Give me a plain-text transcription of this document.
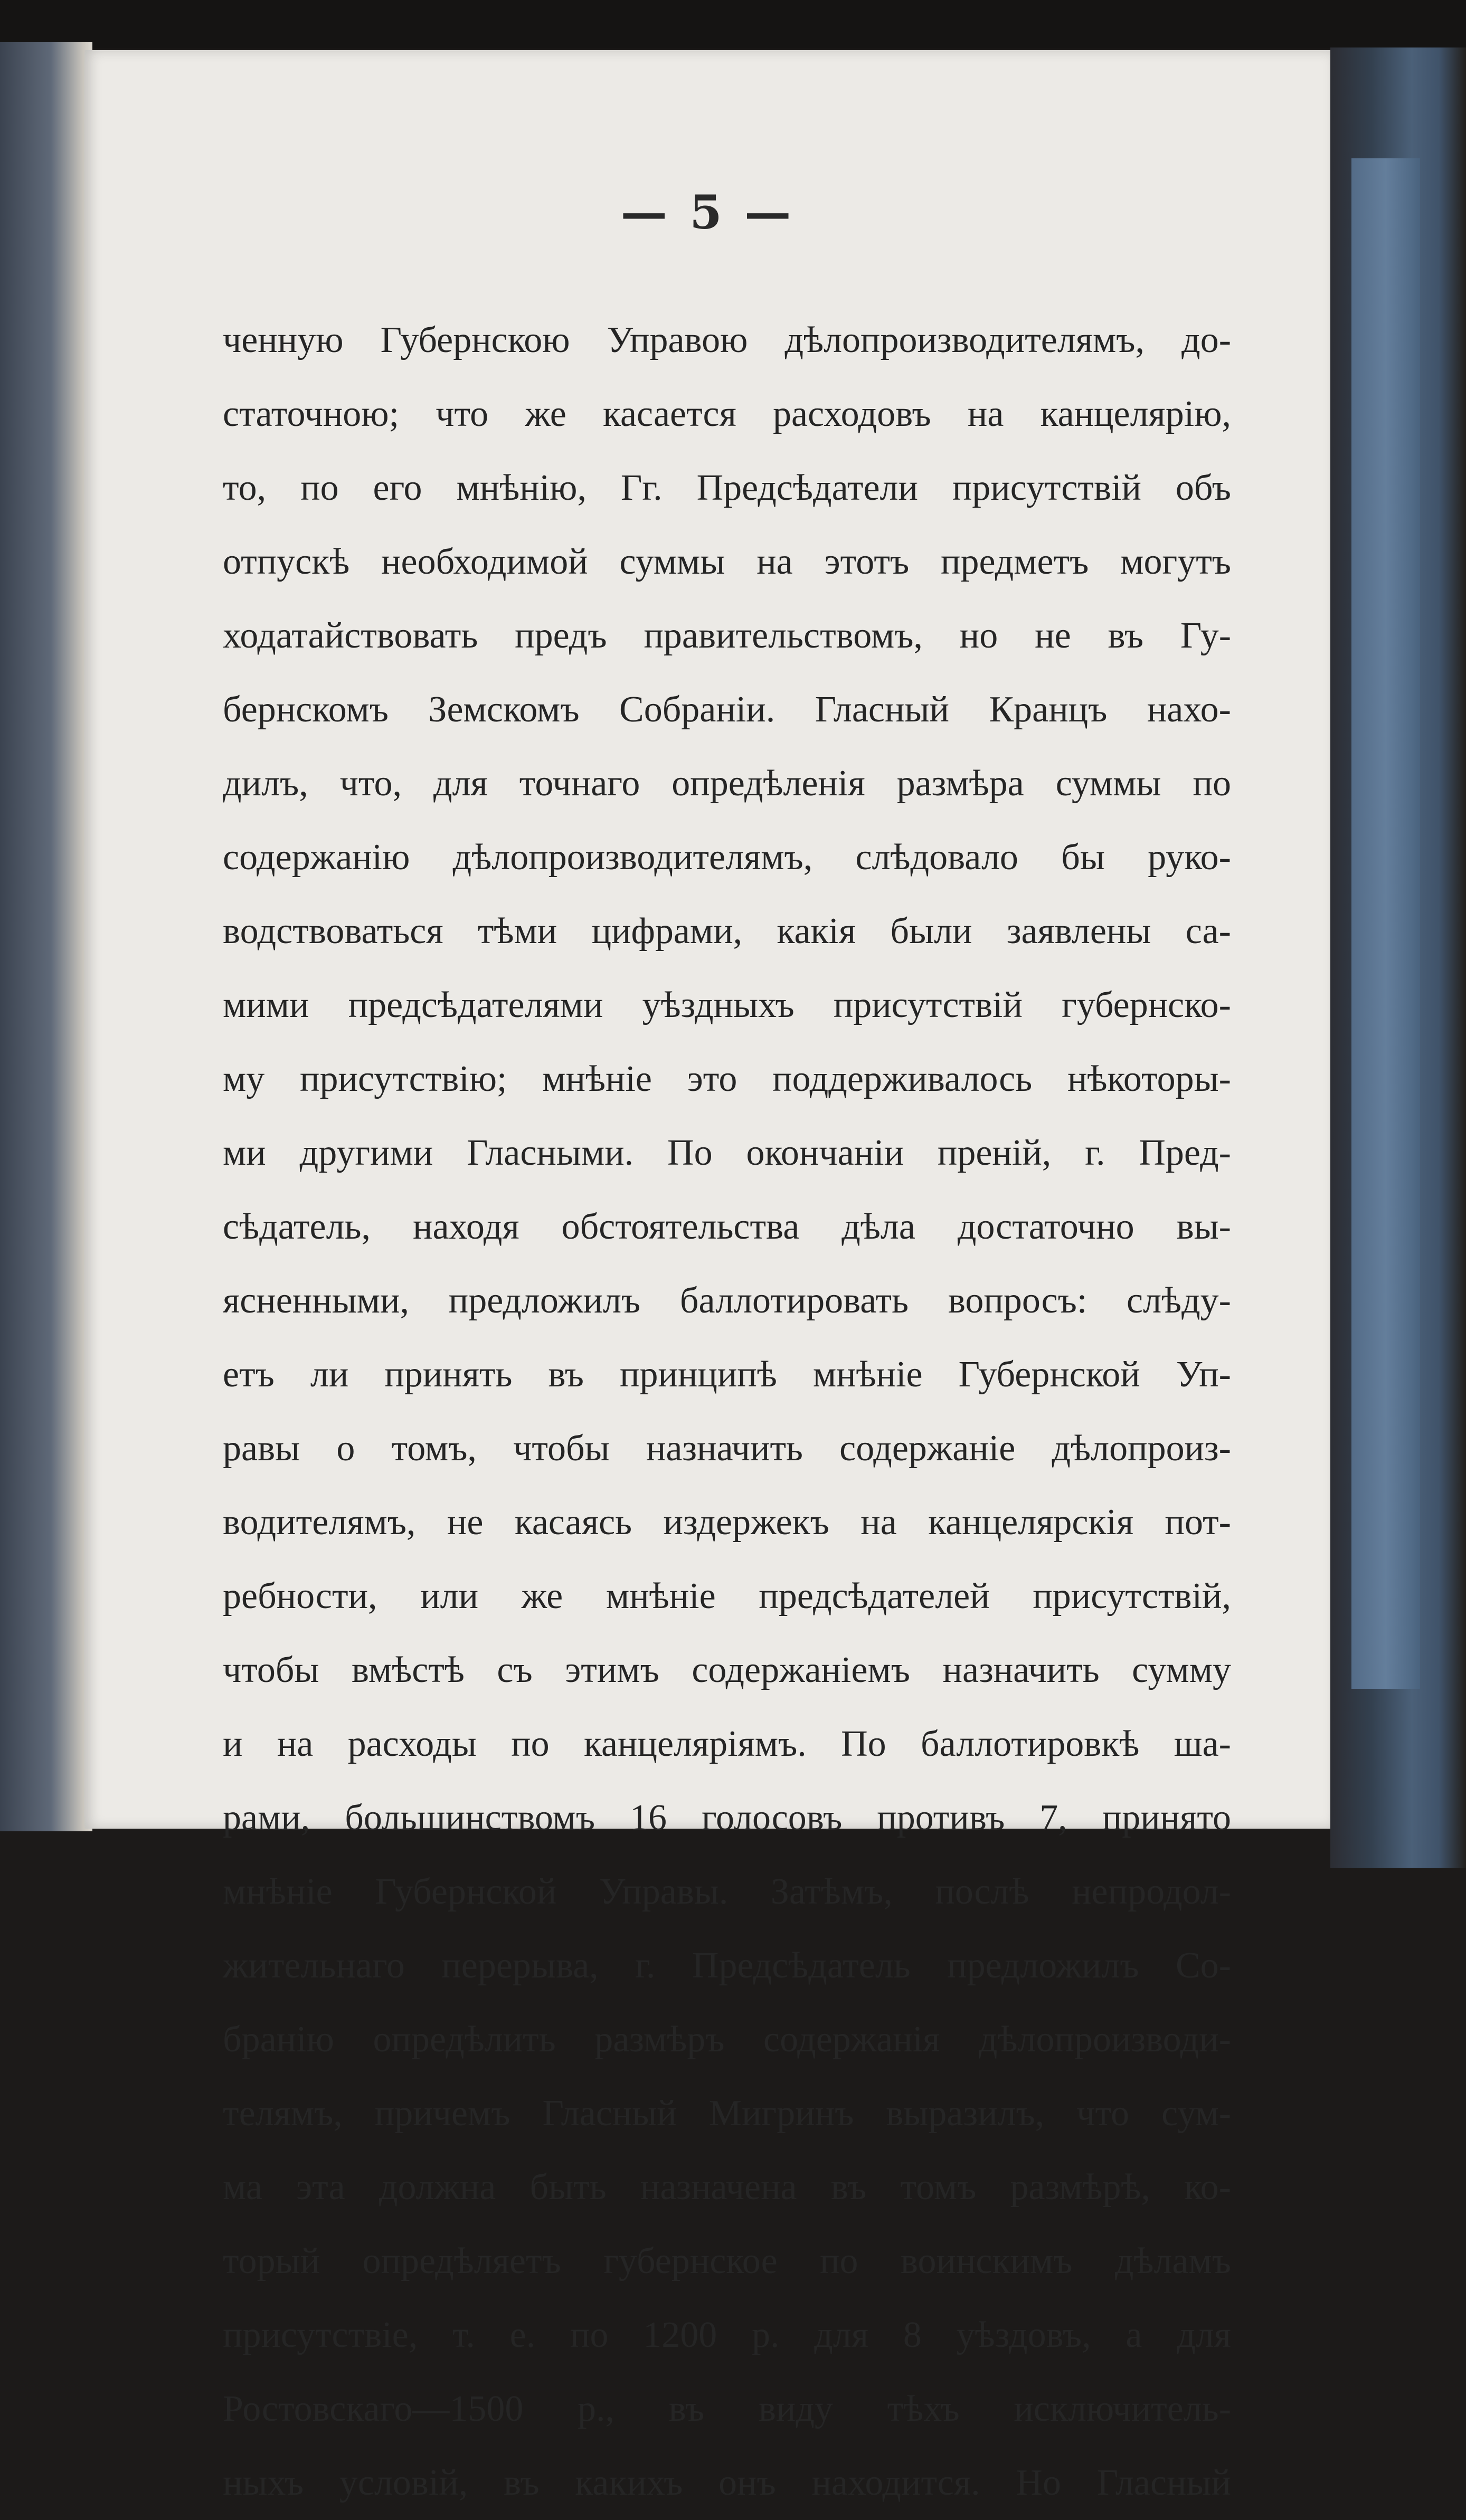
— 5 —
ченную Губернскою Управою дѣлопроизводителямъ, до-
статочною; что же касается расходовъ на канцелярію,
то, по его мнѣнію, Гг. Предсѣдатели присутствій объ
отпускѣ необходимой суммы на этотъ предметъ могутъ
ходатайствовать предъ правительствомъ, но не въ Гу-
бернскомъ Земскомъ Собраніи. Гласный Кранцъ нахо-
дилъ, что, для точнаго опредѣленія размѣра суммы по
содержанію дѣлопроизводителямъ, слѣдовало бы руко-
водствоваться тѣми цифрами, какія были заявлены са-
мими предсѣдателями уѣздныхъ присутствій губернско-
му присутствію; мнѣніе это поддерживалось нѣкоторы-
ми другими Гласными. По окончаніи преній, г. Пред-
сѣдатель, находя обстоятельства дѣла достаточно вы-
ясненными, предложилъ баллотировать вопросъ: слѣду-
етъ ли принять въ принципѣ мнѣніе Губернской Уп-
равы о томъ, чтобы назначить содержаніе дѣлопроиз-
водителямъ, не касаясь издержекъ на канцелярскія пот-
ребности, или же мнѣніе предсѣдателей присутствій,
чтобы вмѣстѣ съ этимъ содержаніемъ назначить сумму
и на расходы по канцеляріямъ. По баллотировкѣ ша-
рами, большинствомъ 16 голосовъ противъ 7, принято
мнѣніе Губернской Управы. Затѣмъ, послѣ непродол-
жительнаго перерыва, г. Предсѣдатель предложилъ Со-
бранію опредѣлить размѣръ содержанія дѣлопроизводи-
телямъ, причемъ Гласный Мигринъ выразилъ, что сум-
ма эта должна быть назначена въ томъ размѣрѣ, ко-
торый опредѣляетъ губернское по воинскимъ дѣламъ
присутствіе, т. е. по 1200 р. для 8 уѣздовъ, а для
Ростовскаго—1500 р., въ виду тѣхъ исключитель-
ныхъ условій, въ какихъ онъ находится. Но Гласный
